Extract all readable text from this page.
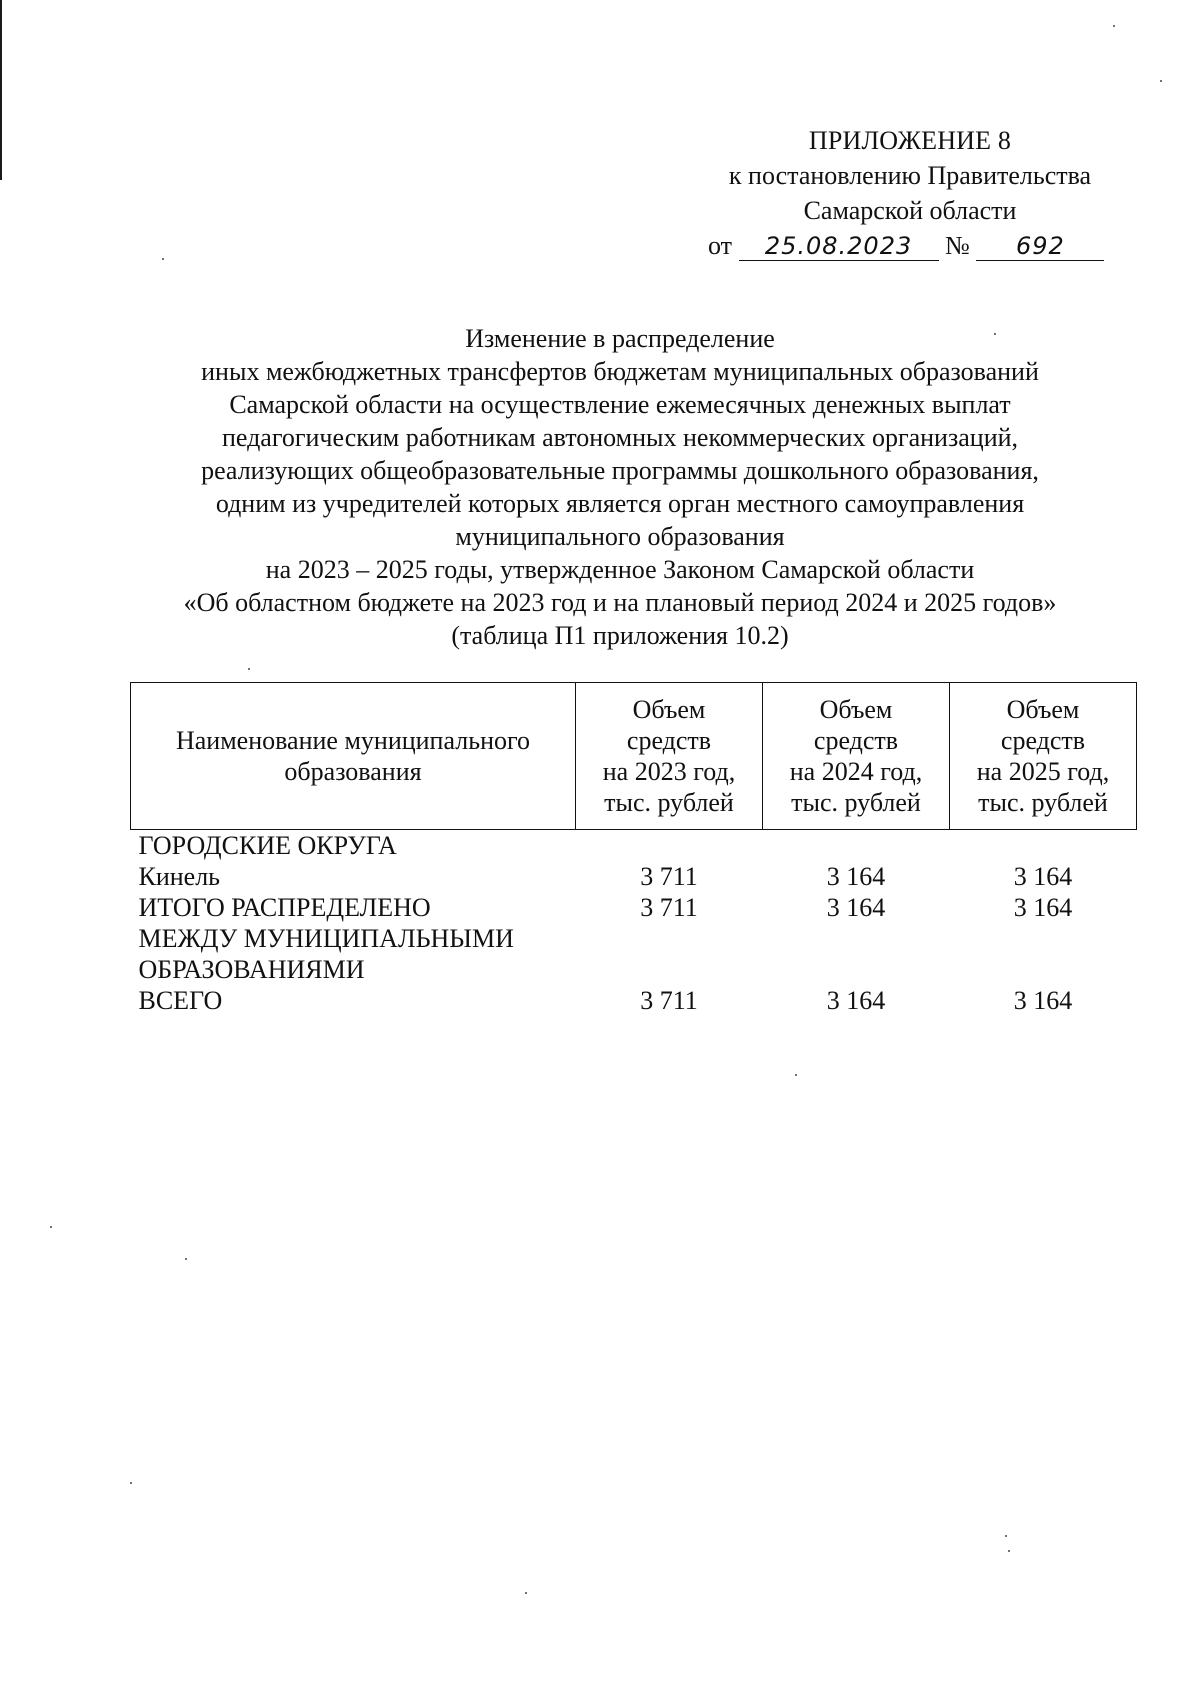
ПРИЛОЖЕНИЕ 8
к постановлению Правительства
Самарской области
от 25.08.2023 № 692
Изменение в распределение
иных межбюджетных трансфертов бюджетам муниципальных образований
Самарской области на осуществление ежемесячных денежных выплат
педагогическим работникам автономных некоммерческих организаций,
реализующих общеобразовательные программы дошкольного образования,
одним из учредителей которых является орган местного самоуправления
муниципального образования
на 2023 – 2025 годы, утвержденное Законом Самарской области
«Об областном бюджете на 2023 год и на плановый период 2024 и 2025 годов»
(таблица П1 приложения 10.2)
Наименование муниципального
образования	Объем
средств
на 2023 год,
тыс. рублей	Объем
средств
на 2024 год,
тыс. рублей	Объем
средств
на 2025 год,
тыс. рублей

ГОРОДСКИЕ ОКРУГА			
Кинель	3 711	3 164	3 164

ИТОГО РАСПРЕДЕЛЕНО
МЕЖДУ МУНИЦИПАЛЬНЫМИ
ОБРАЗОВАНИЯМИ	3 711	3 164	3 164
ВСЕГО	3 711	3 164	3 164
